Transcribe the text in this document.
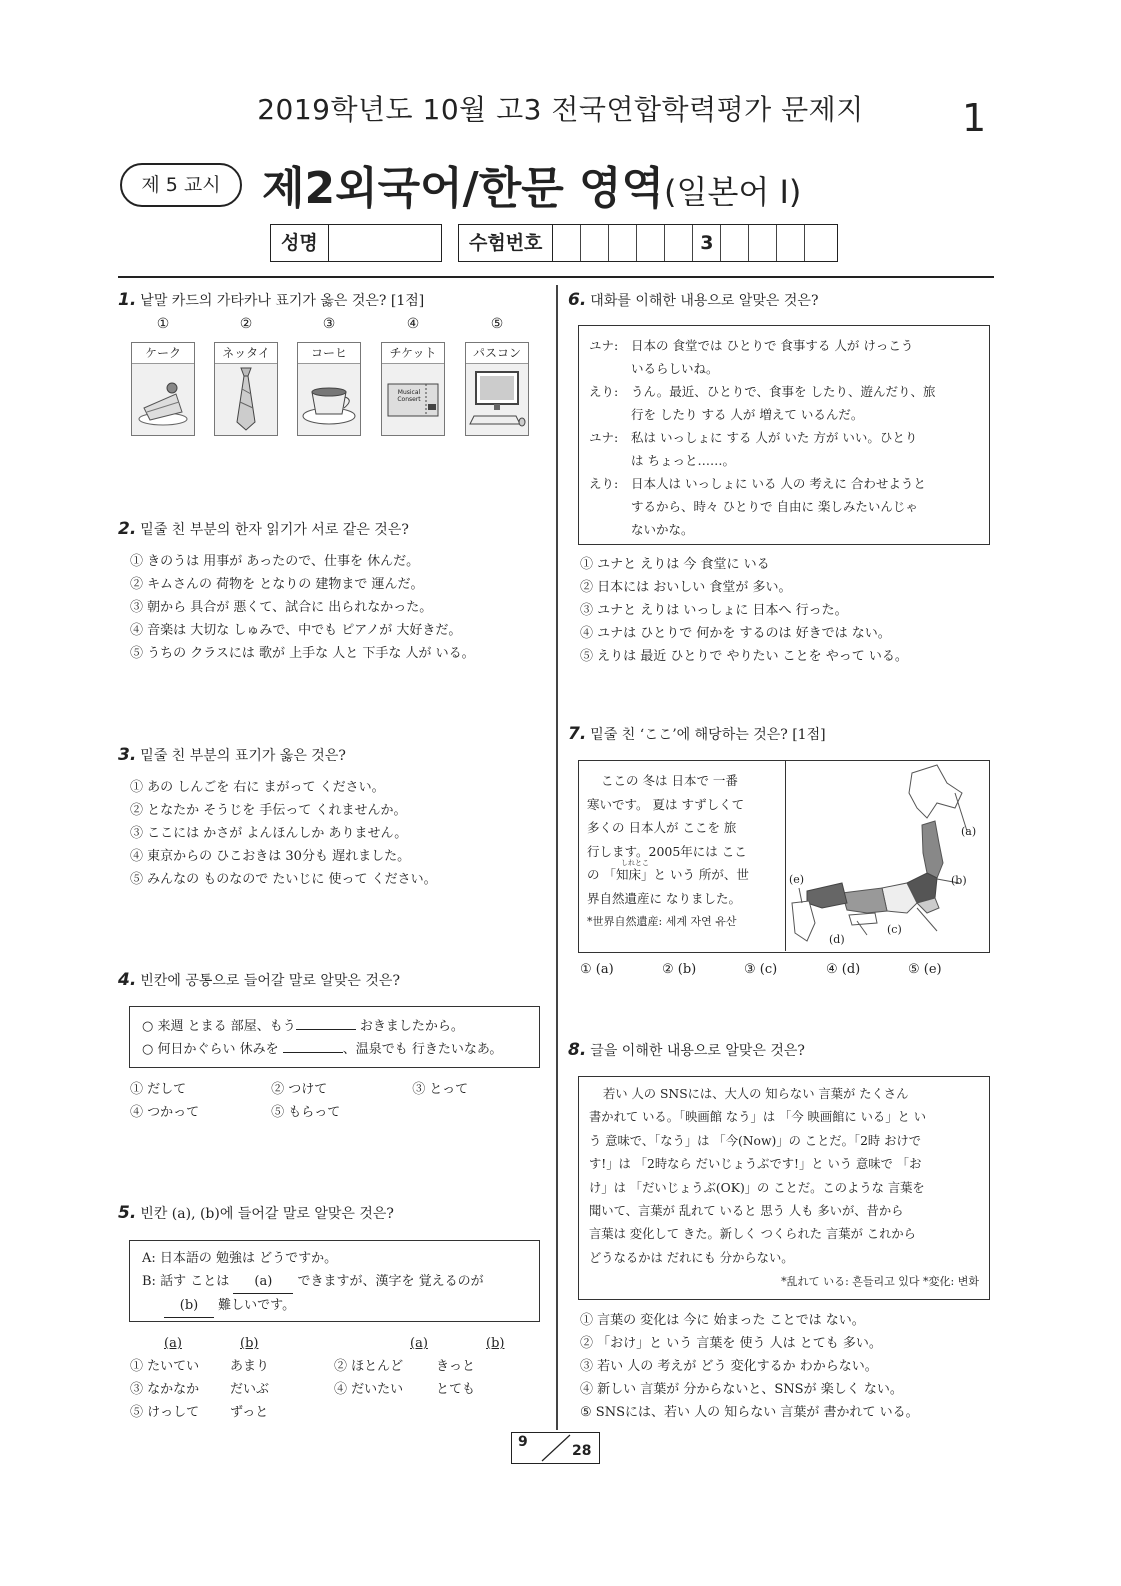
2019학년도 10월 고3 전국연합학력평가 문제지	1
제 5 교시 제2외국어/한문 영역(일본어 Ⅰ)
성명	수험번호	3
1. 낱말 카드의 가타카나 표기가 옳은 것은? [1점]
①	②	③	④	⑤
ケーク	ネッタイ	コーヒ	チケット
Musical Consert
パスコン
2. 밑줄 친 부분의 한자 읽기가 서로 같은 것은?
① きのうは 用事が あったので、仕事を 休んだ。
② キムさんの 荷物を となりの 建物まで 運んだ。
③ 朝から 具合が 悪くて、試合に 出られなかった。
④ 音楽は 大切な しゅみで、中でも ピアノが 大好きだ。
⑤ うちの クラスには 歌が 上手な 人と 下手な 人が いる。
3. 밑줄 친 부분의 표기가 옳은 것은?
① あの しんごを 右に まがって ください。
② となたか そうじを 手伝って くれませんか。
③ ここには かさが よんほんしか ありません。
④ 東京からの ひこおきは 30分も 遅れました。
⑤ みんなの ものなので たいじに 使って ください。
4. 빈칸에 공통으로 들어갈 말로 알맞은 것은?
○ 来週 とまる 部屋、もう	おきましたから。
○ 何日かぐらい 休みを	、温泉でも 行きたいなあ。
① だして	② つけて	③ とって
④ つかって	⑤ もらって
5. 빈칸 (a), (b)에 들어갈 말로 알맞은 것은?
A: 日本語の 勉強は どうですか。
B: 話す ことは (a) できますが、漢字を 覚えるのが
(b) 難しいです。
(a)	(b)	(a)	(b)
① たいてい あまり	② ほとんど	きっと
③ なかなか だいぶ	④ だいたい	とても
⑤ けっして ずっと
6. 대화를 이해한 내용으로 알맞은 것은?
ユナ:	日本の 食堂では ひとりで 食事する 人が けっこう
いるらしいね。
えり:	うん。最近、ひとりで、食事を したり、遊んだり、旅
行を したり する 人が 増えて いるんだ。
ユナ:	私は いっしょに する 人が いた 方が いい。ひとり
は ちょっと……。
えり:	日本人は いっしょに いる 人の 考えに 合わせようと
するから、時々 ひとりで 自由に 楽しみたいんじゃ
ないかな。
① ユナと えりは 今 食堂に いる
② 日本には おいしい 食堂が 多い。
③ ユナと えりは いっしょに 日本へ 行った。
④ ユナは ひとりで 何かを するのは 好きでは ない。
⑤ えりは 最近 ひとりで やりたい ことを やって いる。
7. 밑줄 친 ‘ここ’에 해당하는 것은? [1점]
ここの 冬は 日本で 一番
寒いです。 夏は すずしくて
多くの 日本人が ここを 旅
行します。2005年には ここ
の 「知床」と いう 所が、世
界自然遺産に なりました。
*世界自然遺産: 세계 자연 유산
しれとこ
(a)
(b)
(c)
(d)
(e)
① (a)	② (b)	③ (c)	④ (d)	⑤ (e)
8. 글을 이해한 내용으로 알맞은 것은?
若い 人の SNSには、大人の 知らない 言葉が たくさん
書かれて いる。「映画館 なう」は 「今 映画館に いる」と い
う 意味で、「なう」は 「今(Now)」の ことだ。「2時 おけで
す!」は 「2時なら だいじょうぶです!」と いう 意味で 「お
け」は 「だいじょうぶ(OK)」の ことだ。このような 言葉を
聞いて、言葉が 乱れて いると 思う 人も 多いが、昔から
言葉は 変化して きた。新しく つくられた 言葉が これから
どうなるかは だれにも 分からない。
*乱れて いる: 흔들리고 있다 *変化: 변화
① 言葉の 変化は 今に 始まった ことでは ない。
② 「おけ」と いう 言葉を 使う 人は とても 多い。
③ 若い 人の 考えが どう 変化するか わからない。
④ 新しい 言葉が 分からないと、SNSが 楽しく ない。
⑤ SNSには、若い 人の 知らない 言葉が 書かれて いる。
9
28
